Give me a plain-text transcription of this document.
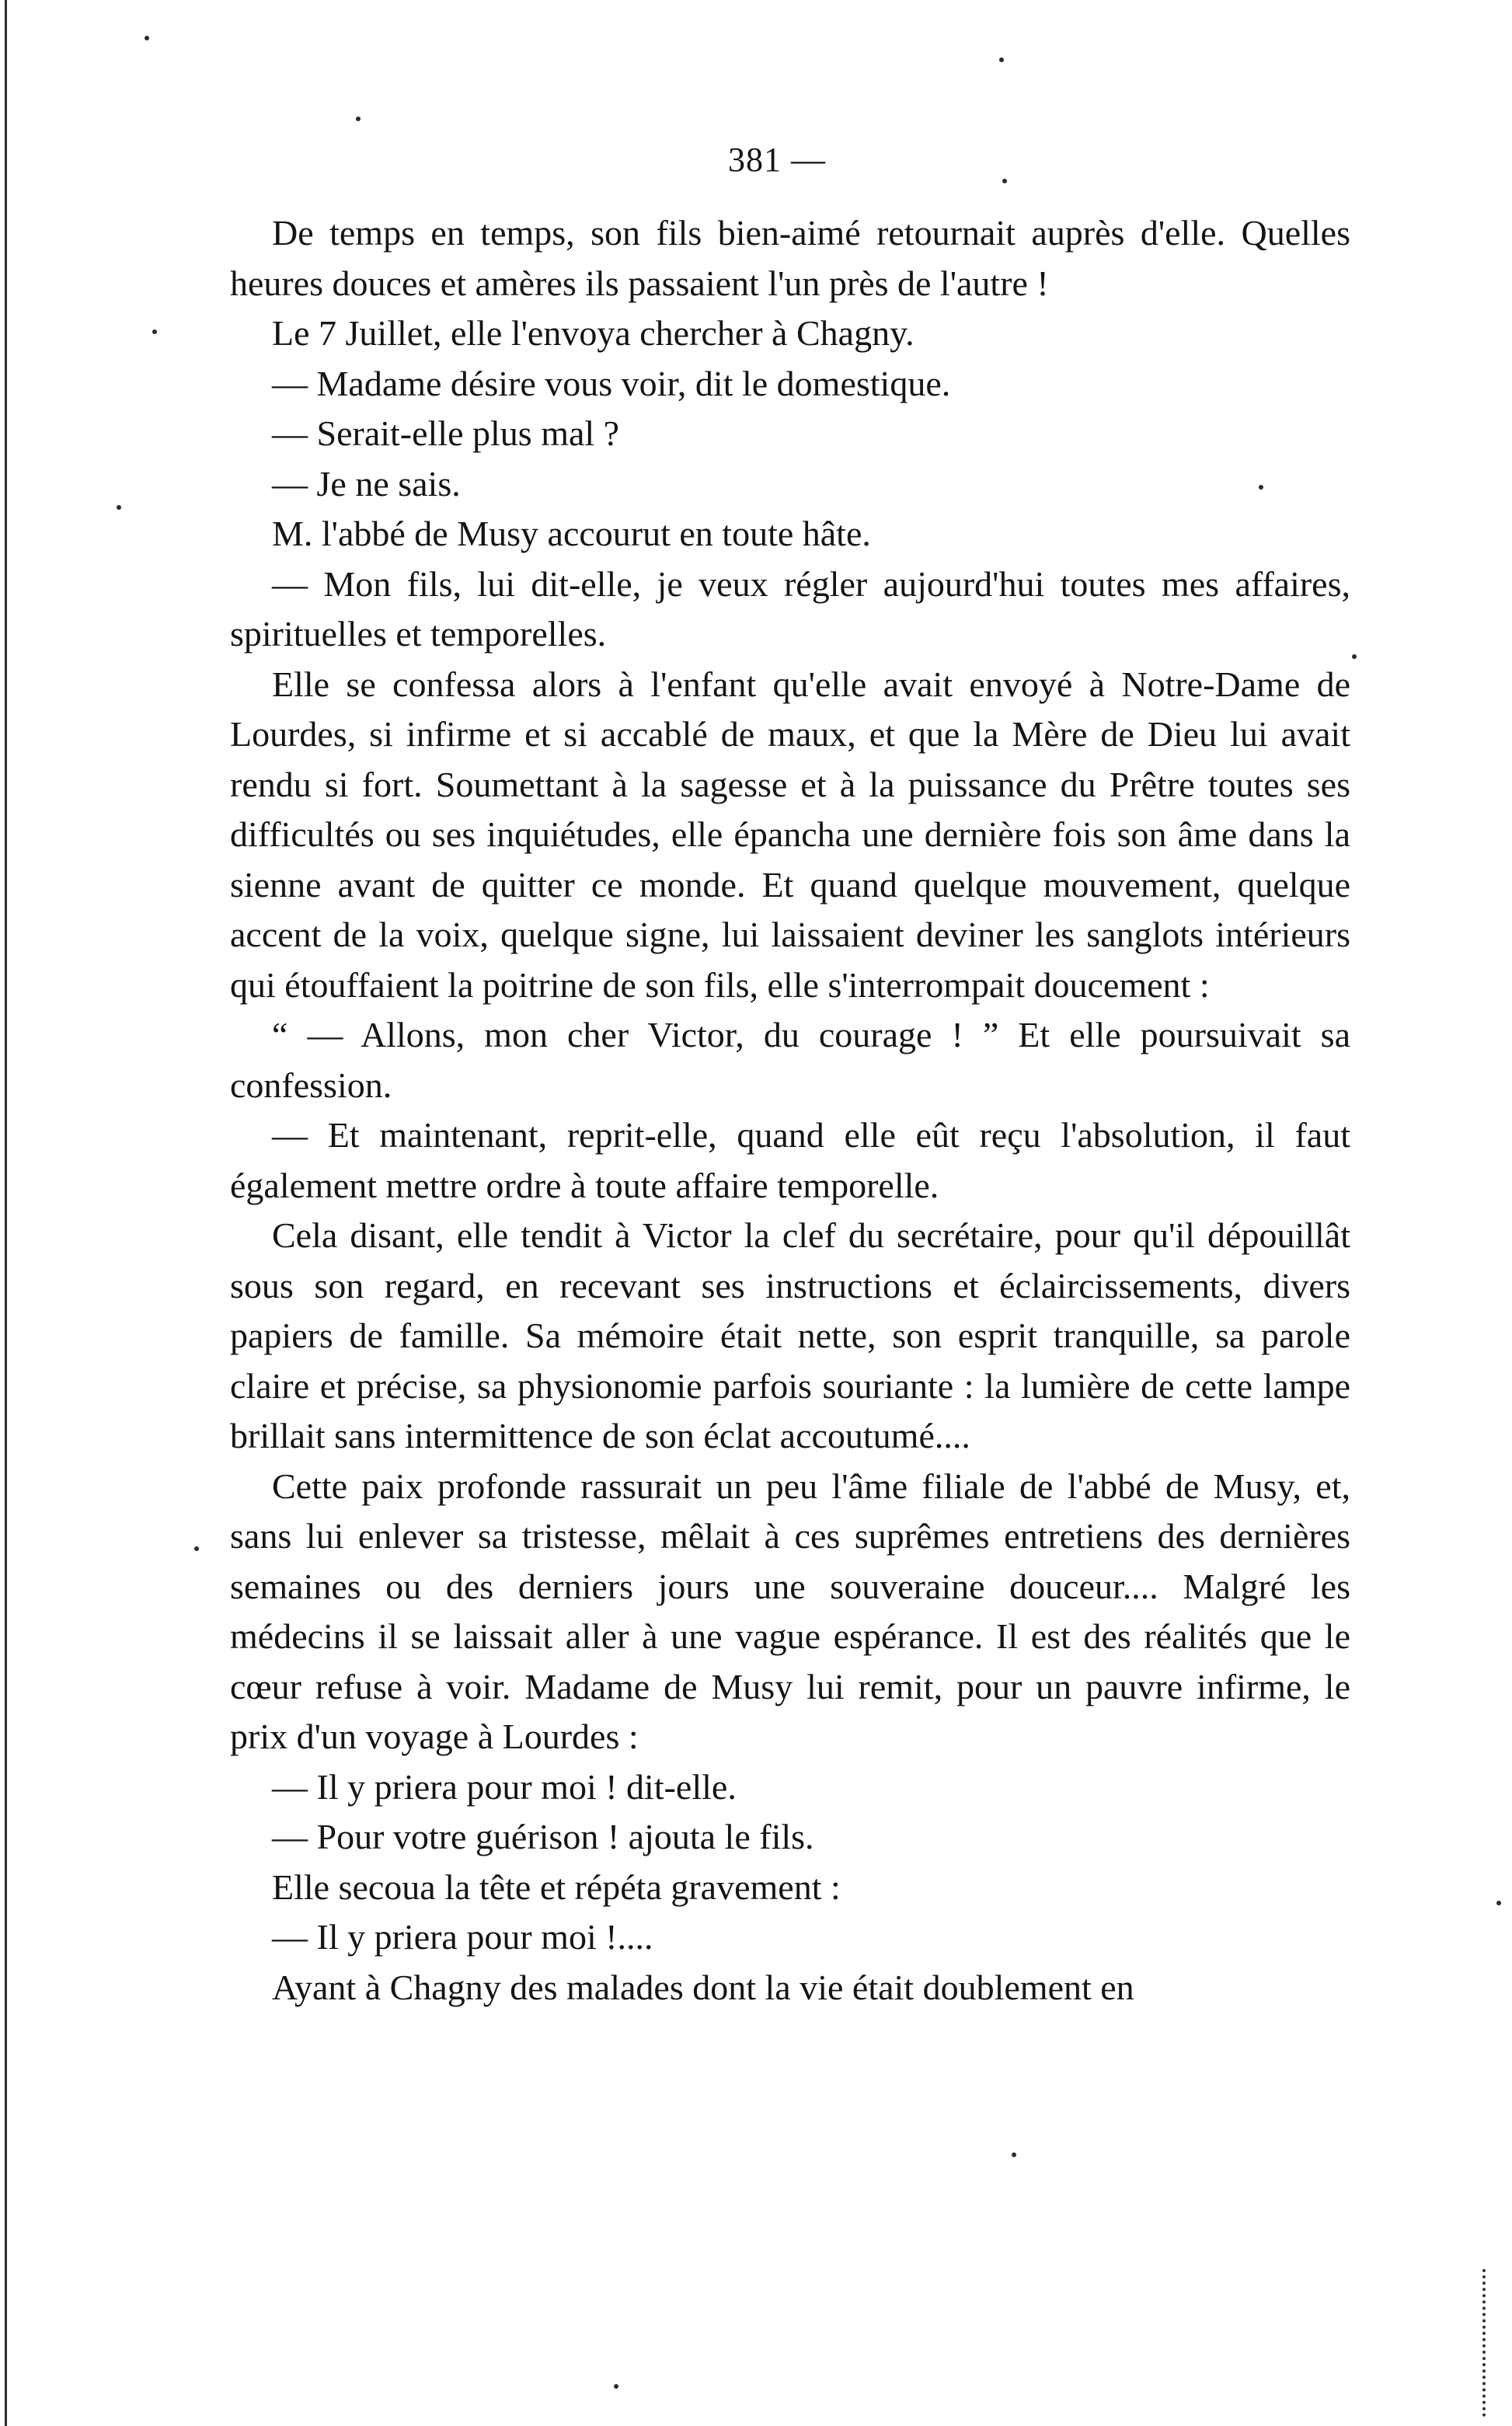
381 —

De temps en temps, son fils bien-aimé retournait auprès d'elle. Quelles heures douces et amères ils passaient l'un près de l'autre !

Le 7 Juillet, elle l'envoya chercher à Chagny.

— Madame désire vous voir, dit le domestique.

— Serait-elle plus mal ?

— Je ne sais.

M. l'abbé de Musy accourut en toute hâte.

— Mon fils, lui dit-elle, je veux régler aujourd'hui toutes mes affaires, spirituelles et temporelles.

Elle se confessa alors à l'enfant qu'elle avait envoyé à Notre-Dame de Lourdes, si infirme et si accablé de maux, et que la Mère de Dieu lui avait rendu si fort. Soumettant à la sagesse et à la puissance du Prêtre toutes ses difficultés ou ses inquiétudes, elle épancha une dernière fois son âme dans la sienne avant de quitter ce monde. Et quand quelque mouvement, quelque accent de la voix, quelque signe, lui laissaient deviner les sanglots intérieurs qui étouffaient la poitrine de son fils, elle s'interrompait doucement :

“ — Allons, mon cher Victor, du courage ! ” Et elle poursuivait sa confession.

— Et maintenant, reprit-elle, quand elle eût reçu l'absolution, il faut également mettre ordre à toute affaire temporelle.

Cela disant, elle tendit à Victor la clef du secrétaire, pour qu'il dépouillât sous son regard, en recevant ses instructions et éclaircissements, divers papiers de famille. Sa mémoire était nette, son esprit tranquille, sa parole claire et précise, sa physionomie parfois souriante : la lumière de cette lampe brillait sans intermittence de son éclat accoutumé....

Cette paix profonde rassurait un peu l'âme filiale de l'abbé de Musy, et, sans lui enlever sa tristesse, mêlait à ces suprêmes entretiens des dernières semaines ou des derniers jours une souveraine douceur.... Malgré les médecins il se laissait aller à une vague espérance. Il est des réalités que le cœur refuse à voir. Madame de Musy lui remit, pour un pauvre infirme, le prix d'un voyage à Lourdes :

— Il y priera pour moi ! dit-elle.

— Pour votre guérison ! ajouta le fils.

Elle secoua la tête et répéta gravement :

— Il y priera pour moi !....

Ayant à Chagny des malades dont la vie était doublement en
